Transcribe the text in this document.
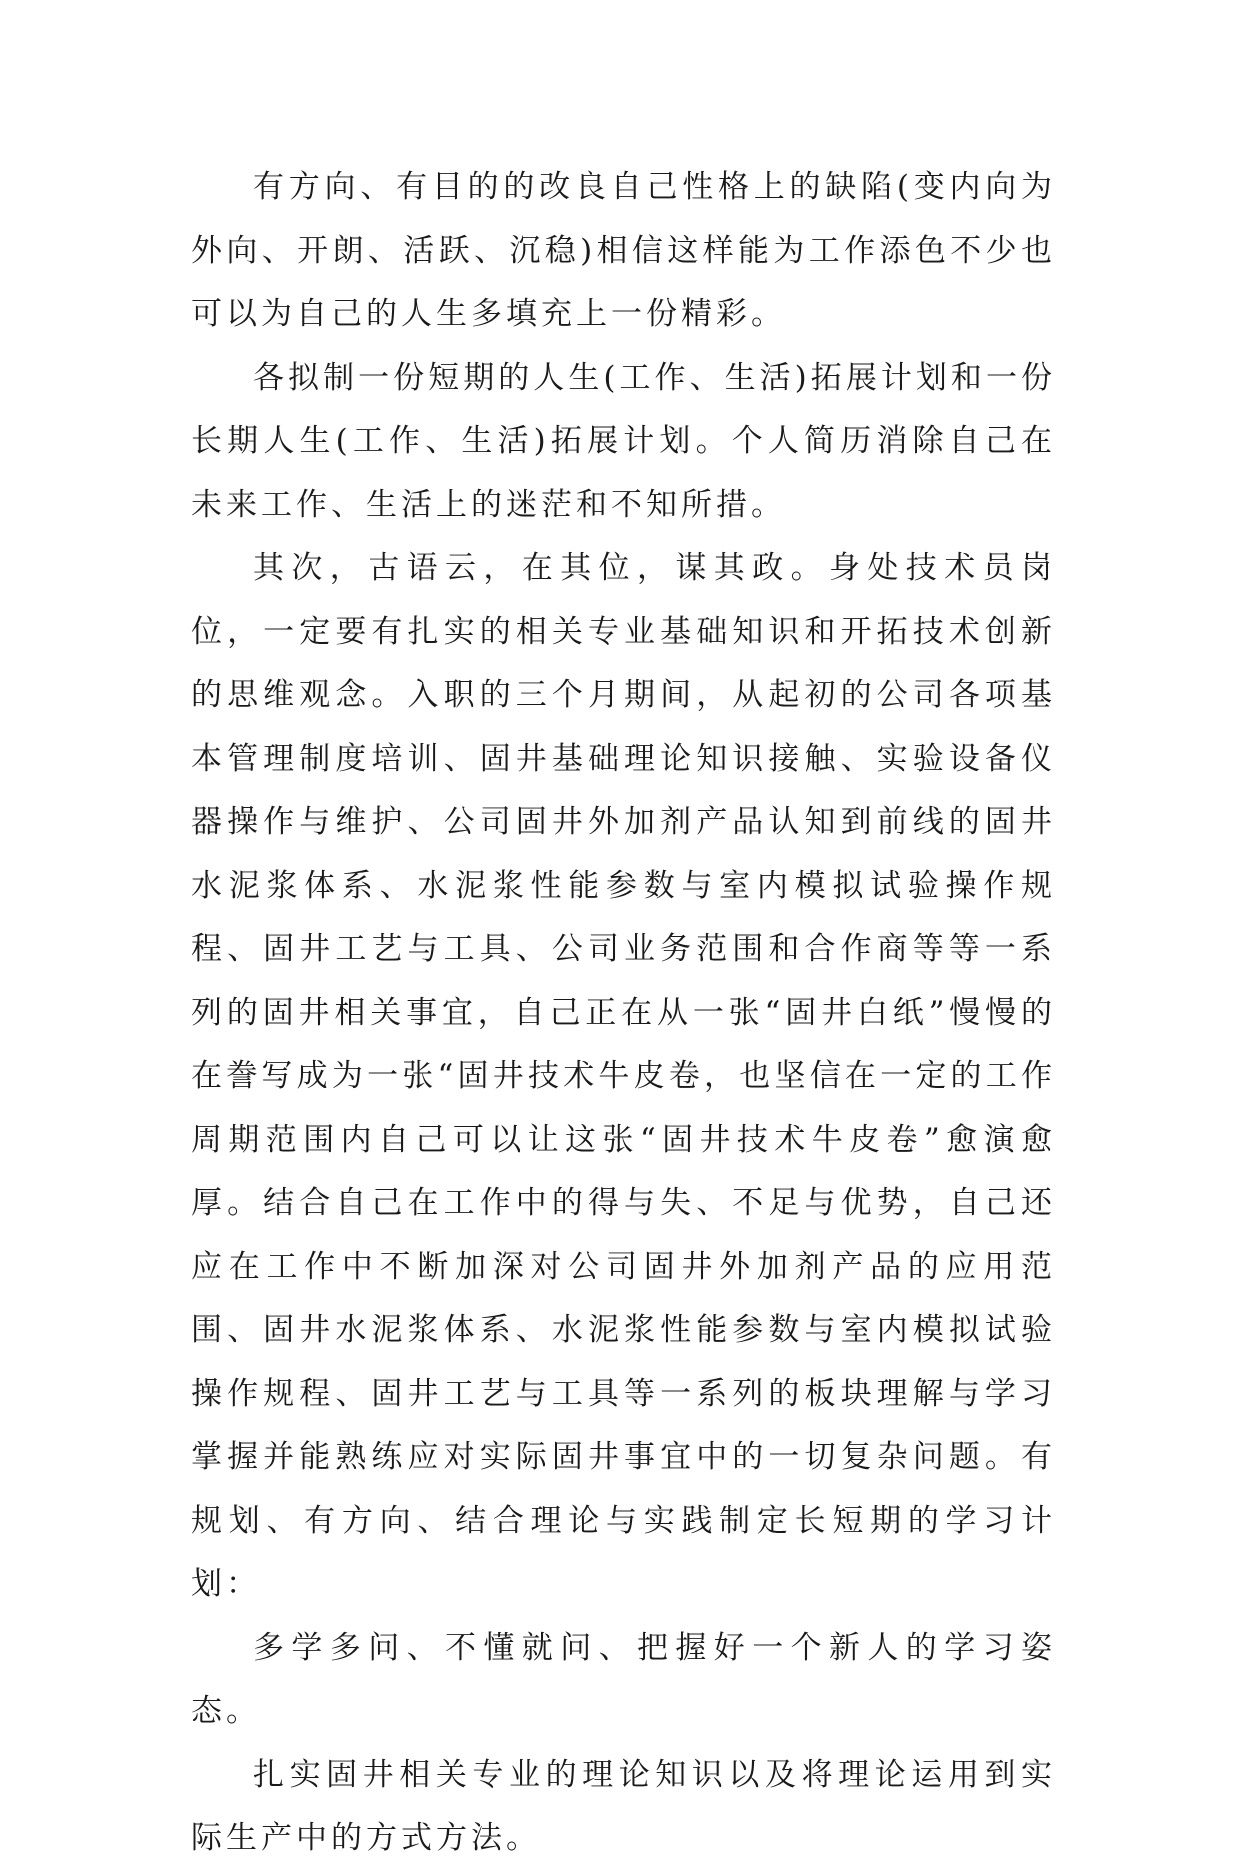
有方向、有目的的改良自己性格上的缺陷(变内向为外向、开朗、活跃、沉稳)相信这样能为工作添色不少也可以为自己的人生多填充上一份精彩。

各拟制一份短期的人生(工作、生活)拓展计划和一份长期人生(工作、生活)拓展计划。个人简历消除自己在未来工作、生活上的迷茫和不知所措。

其次，古语云，在其位，谋其政。身处技术员岗位，一定要有扎实的相关专业基础知识和开拓技术创新的思维观念。入职的三个月期间，从起初的公司各项基本管理制度培训、固井基础理论知识接触、实验设备仪器操作与维护、公司固井外加剂产品认知到前线的固井水泥浆体系、水泥浆性能参数与室内模拟试验操作规程、固井工艺与工具、公司业务范围和合作商等等一系列的固井相关事宜，自己正在从一张“固井白纸”慢慢的在誊写成为一张“固井技术牛皮卷，也坚信在一定的工作周期范围内自己可以让这张“固井技术牛皮卷”愈演愈厚。结合自己在工作中的得与失、不足与优势，自己还应在工作中不断加深对公司固井外加剂产品的应用范围、固井水泥浆体系、水泥浆性能参数与室内模拟试验操作规程、固井工艺与工具等一系列的板块理解与学习掌握并能熟练应对实际固井事宜中的一切复杂问题。有规划、有方向、结合理论与实践制定长短期的学习计划：

多学多问、不懂就问、把握好一个新人的学习姿态。

扎实固井相关专业的理论知识以及将理论运用到实际生产中的方式方法。
